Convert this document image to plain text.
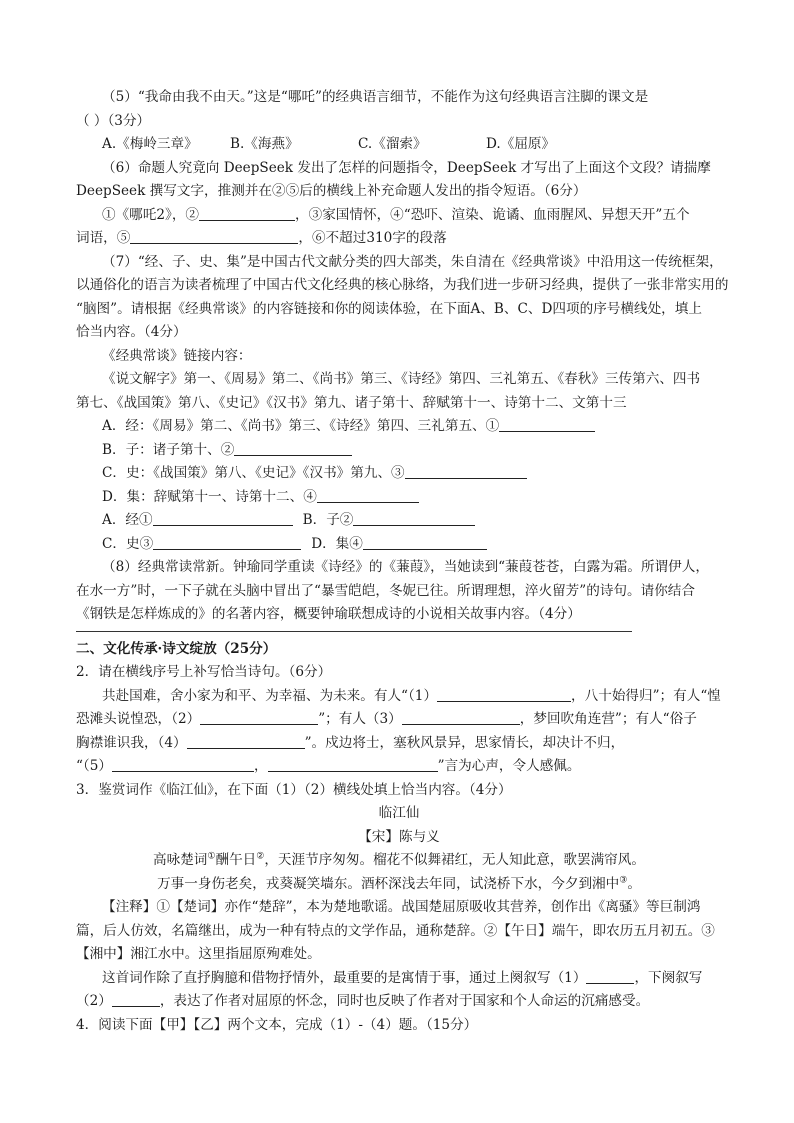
（5）“我命由我不由天。”这是“哪吒”的经典语言细节，不能作为这句经典语言注脚的课文是
（ ）（3分）
A.《梅岭三章》 B.《海燕》	C.《溜索》	D.《屈原》
（6）命题人究竟向 DeepSeek 发出了怎样的问题指令，DeepSeek 才写出了上面这个文段？请揣摩
DeepSeek 撰写文字，推测并在②⑤后的横线上补充命题人发出的指令短语。（6分）
①《哪吒2》，②	，③家国情怀，④“恐吓、渲染、诡谲、血雨腥风、异想天开”五个
词语，⑤	，⑥不超过310字的段落
（7）“经、子、史、集”是中国古代文献分类的四大部类，朱自清在《经典常谈》中沿用这一传统框架，
以通俗化的语言为读者梳理了中国古代文化经典的核心脉络，为我们进一步研习经典，提供了一张非常实用的
“脑图”。请根据《经典常谈》的内容链接和你的阅读体验，在下面A、B、C、D四项的序号横线处，填上
恰当内容。（4分）
《经典常谈》链接内容：
《说文解字》第一、《周易》第二、《尚书》第三、《诗经》第四、三礼第五、《春秋》三传第六、四书
第七、《战国策》第八、《史记》《汉书》第九、诸子第十、辞赋第十一、诗第十二、文第十三
A．经：《周易》第二、《尚书》第三、《诗经》第四、三礼第五、①
B．子：诸子第十、②
C．史：《战国策》第八、《史记》《汉书》第九、③
D．集：辞赋第十一、诗第十二、④
A．经①	B．子②
C．史③	D．集④
（8）经典常读常新。钟瑜同学重读《诗经》的《蒹葭》，当她读到“蒹葭苍苍，白露为霜。所谓伊人，
在水一方”时，一下子就在头脑中冒出了“暴雪皑皑，冬妮已往。所谓理想，淬火留芳”的诗句。请你结合
《钢铁是怎样炼成的》的名著内容，概要钟瑜联想成诗的小说相关故事内容。（4分）
二、文化传承·诗文绽放（25分）
2．请在横线序号上补写恰当诗句。（6分）
共赴国难，舍小家为和平、为幸福、为未来。有人“（1）	，八十始得归”；有人“惶
恐滩头说惶恐，（2）	”；有人（3）	，梦回吹角连营”；有人“俗子
胸襟谁识我，（4）	”。戍边将士，塞秋风景异，思家情长，却决计不归，
“（5）	，	”言为心声，令人感佩。
3．鉴赏词作《临江仙》，在下面（1）（2）横线处填上恰当内容。（4分）
临江仙
【宋】陈与义
高咏楚词①酬午日②，天涯节序匆匆。榴花不似舞裙红，无人知此意，歌罢满帘风。
万事一身伤老矣，戎葵凝笑墙东。酒杯深浅去年同，试浇桥下水，今夕到湘中③。
【注释】①【楚词】亦作“楚辞”，本为楚地歌谣。战国楚屈原吸收其营养，创作出《离骚》等巨制鸿
篇，后人仿效，名篇继出，成为一种有特点的文学作品，通称楚辞。②【午日】端午，即农历五月初五。③
【湘中】湘江水中。这里指屈原殉难处。
这首词作除了直抒胸臆和借物抒情外，最重要的是寓情于事，通过上阕叙写（1）	，下阕叙写
（2）	，表达了作者对屈原的怀念，同时也反映了作者对于国家和个人命运的沉痛感受。
4．阅读下面【甲】【乙】两个文本，完成（1）-（4）题。（15分）
